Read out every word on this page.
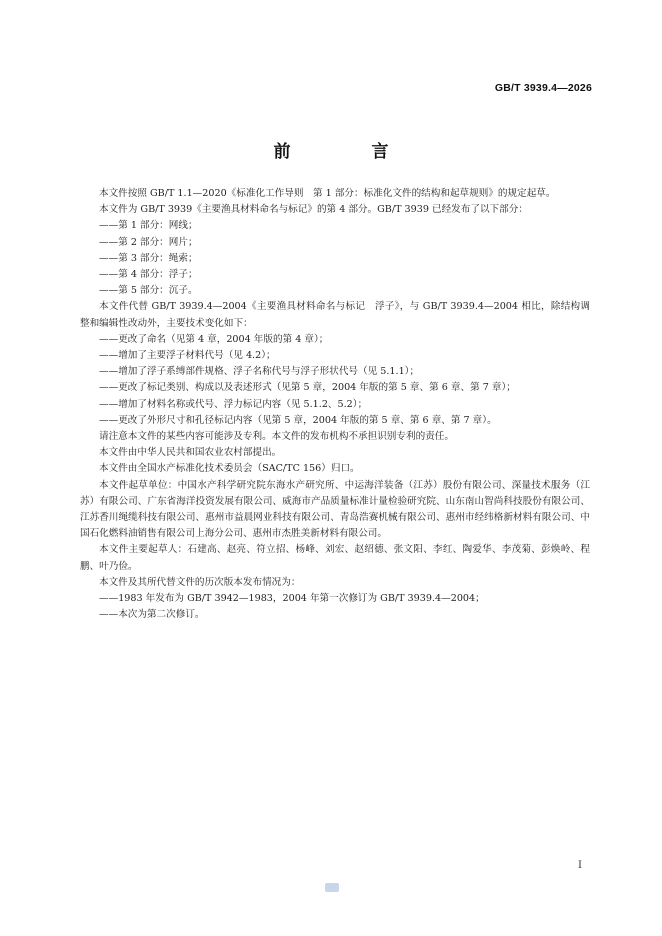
GB/T 3939.4—2026
前　言

本文件按照 GB/T 1.1—2020《标准化工作导则　第 1 部分：标准化文件的结构和起草规则》的规定起草。

本文件为 GB/T 3939《主要渔具材料命名与标记》的第 4 部分。GB/T 3939 已经发布了以下部分：

——第 1 部分：网线；

——第 2 部分：网片；

——第 3 部分：绳索；

——第 4 部分：浮子；

——第 5 部分：沉子。

本文件代替 GB/T 3939.4—2004《主要渔具材料命名与标记　浮子》，与 GB/T 3939.4—2004 相比，除结构调整和编辑性改动外，主要技术变化如下：

——更改了命名（见第 4 章，2004 年版的第 4 章）；

——增加了主要浮子材料代号（见 4.2）；

——增加了浮子系缚部件规格、浮子名称代号与浮子形状代号（见 5.1.1）；

——更改了标记类别、构成以及表述形式（见第 5 章，2004 年版的第 5 章、第 6 章、第 7 章）；

——增加了材料名称或代号、浮力标记内容（见 5.1.2、5.2）；

——更改了外形尺寸和孔径标记内容（见第 5 章，2004 年版的第 5 章、第 6 章、第 7 章）。

请注意本文件的某些内容可能涉及专利。本文件的发布机构不承担识别专利的责任。

本文件由中华人民共和国农业农村部提出。

本文件由全国水产标准化技术委员会（SAC/TC 156）归口。

本文件起草单位：中国水产科学研究院东海水产研究所、中运海洋装备（江苏）股份有限公司、深量技术服务（江苏）有限公司、广东省海洋投资发展有限公司、威海市产品质量标准计量检验研究院、山东南山智尚科技股份有限公司、江苏香川绳缆科技有限公司、惠州市益晨网业科技有限公司、青岛浩赛机械有限公司、惠州市经纬格新材料有限公司、中国石化燃料油销售有限公司上海分公司、惠州市杰胜美新材料有限公司。

本文件主要起草人：石建高、赵亮、符立招、杨峰、刘宏、赵绍德、张文阳、李红、陶爱华、李茂菊、彭焕岭、程鹏、叶乃俭。

本文件及其所代替文件的历次版本发布情况为：

——1983 年发布为 GB/T 3942—1983，2004 年第一次修订为 GB/T 3939.4—2004；

——本次为第二次修订。

I
